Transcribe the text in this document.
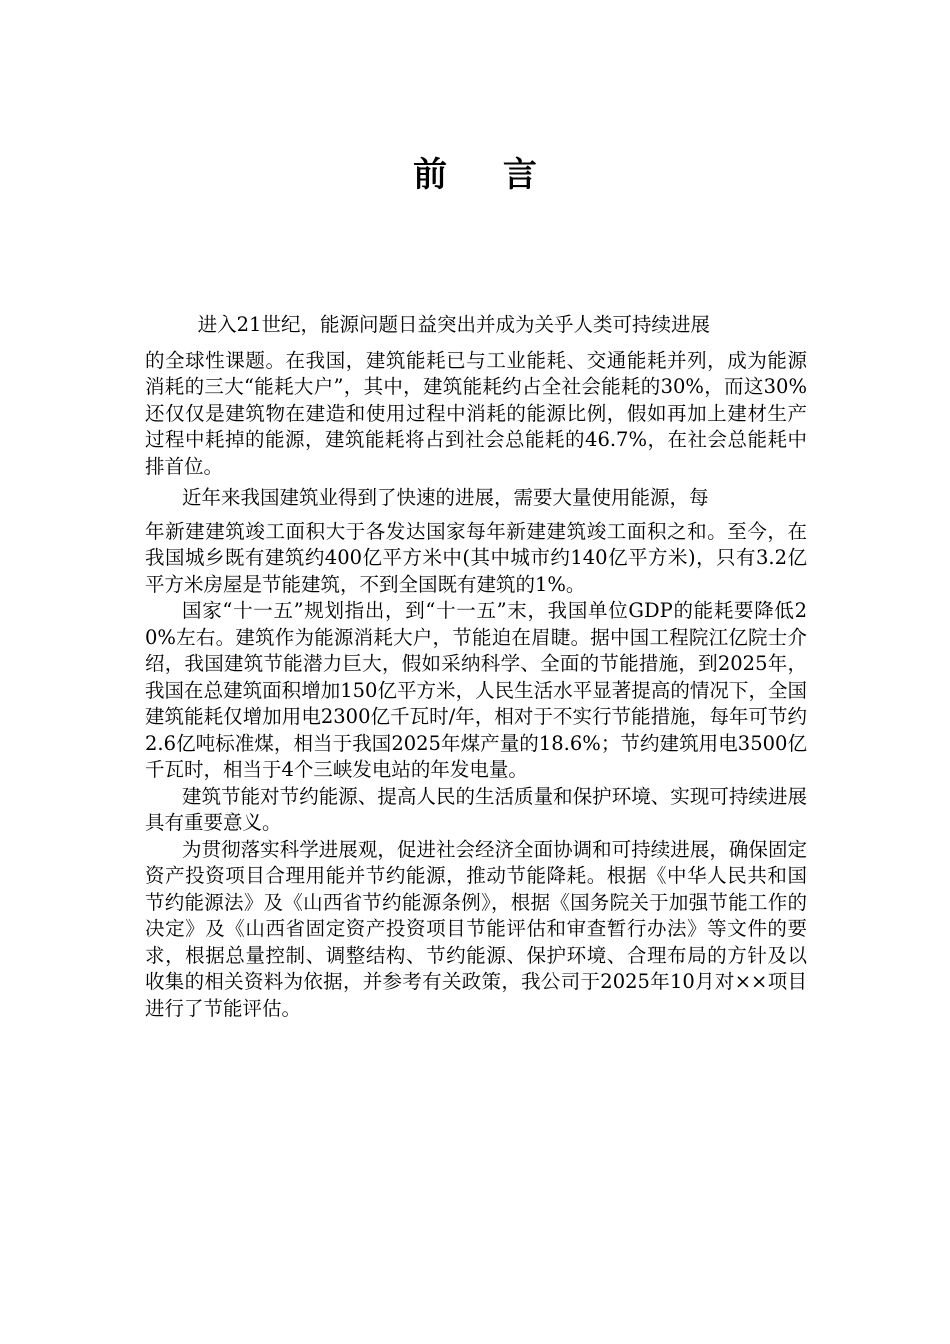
前 言

进入21世纪，能源问题日益突出并成为关乎人类可持续进展
的全球性课题。在我国，建筑能耗已与工业能耗、交通能耗并列，成为能源消耗的三大“能耗大户”，其中，建筑能耗约占全社会能耗的30%，而这30%还仅仅是建筑物在建造和使用过程中消耗的能源比例，假如再加上建材生产过程中耗掉的能源，建筑能耗将占到社会总能耗的46.7%，在社会总能耗中排首位。

近年来我国建筑业得到了快速的进展，需要大量使用能源，每
年新建建筑竣工面积大于各发达国家每年新建建筑竣工面积之和。至今，在我国城乡既有建筑约400亿平方米中(其中城市约140亿平方米)，只有3.2亿平方米房屋是节能建筑，不到全国既有建筑的1%。

国家“十一五”规划指出，到“十一五”末，我国单位GDP的能耗要降低20%左右。建筑作为能源消耗大户，节能迫在眉睫。据中国工程院江亿院士介绍，我国建筑节能潜力巨大，假如采纳科学、全面的节能措施，到2025年，我国在总建筑面积增加150亿平方米，人民生活水平显著提高的情况下，全国建筑能耗仅增加用电2300亿千瓦时/年，相对于不实行节能措施，每年可节约2.6亿吨标准煤，相当于我国2025年煤产量的18.6%；节约建筑用电3500亿千瓦时，相当于4个三峡发电站的年发电量。

建筑节能对节约能源、提高人民的生活质量和保护环境、实现可持续进展具有重要意义。

为贯彻落实科学进展观，促进社会经济全面协调和可持续进展，确保固定资产投资项目合理用能并节约能源，推动节能降耗。根据《中华人民共和国节约能源法》及《山西省节约能源条例》，根据《国务院关于加强节能工作的决定》及《山西省固定资产投资项目节能评估和审查暂行办法》等文件的要求，根据总量控制、调整结构、节约能源、保护环境、合理布局的方针及以收集的相关资料为依据，并参考有关政策，我公司于2025年10月对××项目进行了节能评估。
